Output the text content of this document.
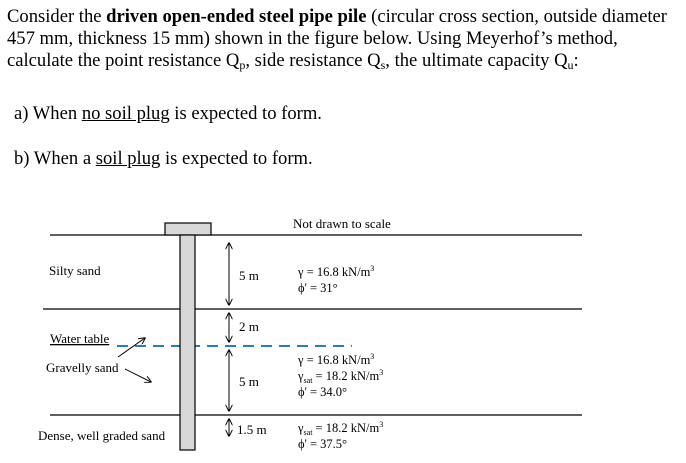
Consider the driven open-ended steel pipe pile (circular cross section, outside diameter 457 mm, thickness 15 mm) shown in the figure below. Using Meyerhof’s method, calculate the point resistance $Q_p$, side resistance $Q_s$, the ultimate capacity $Q_u$:
a) When no soil plug is expected to form.
b) When a soil plug is expected to form.
Not drawn to scale
Silty sand
Water table
Gravelly sand
Dense, well graded sand
5 m
2 m
5 m
1.5 m
γ = 16.8 $kN/m^3$
ϕ' = 31°
γ = 16.8 $kN/m^3$
$\gamma_{sat} = 18.2$ $kN/m^3$
ϕ' = 34.0°
$\gamma_{sat} = 18.2$ $kN/m^3$
ϕ' = 37.5°
